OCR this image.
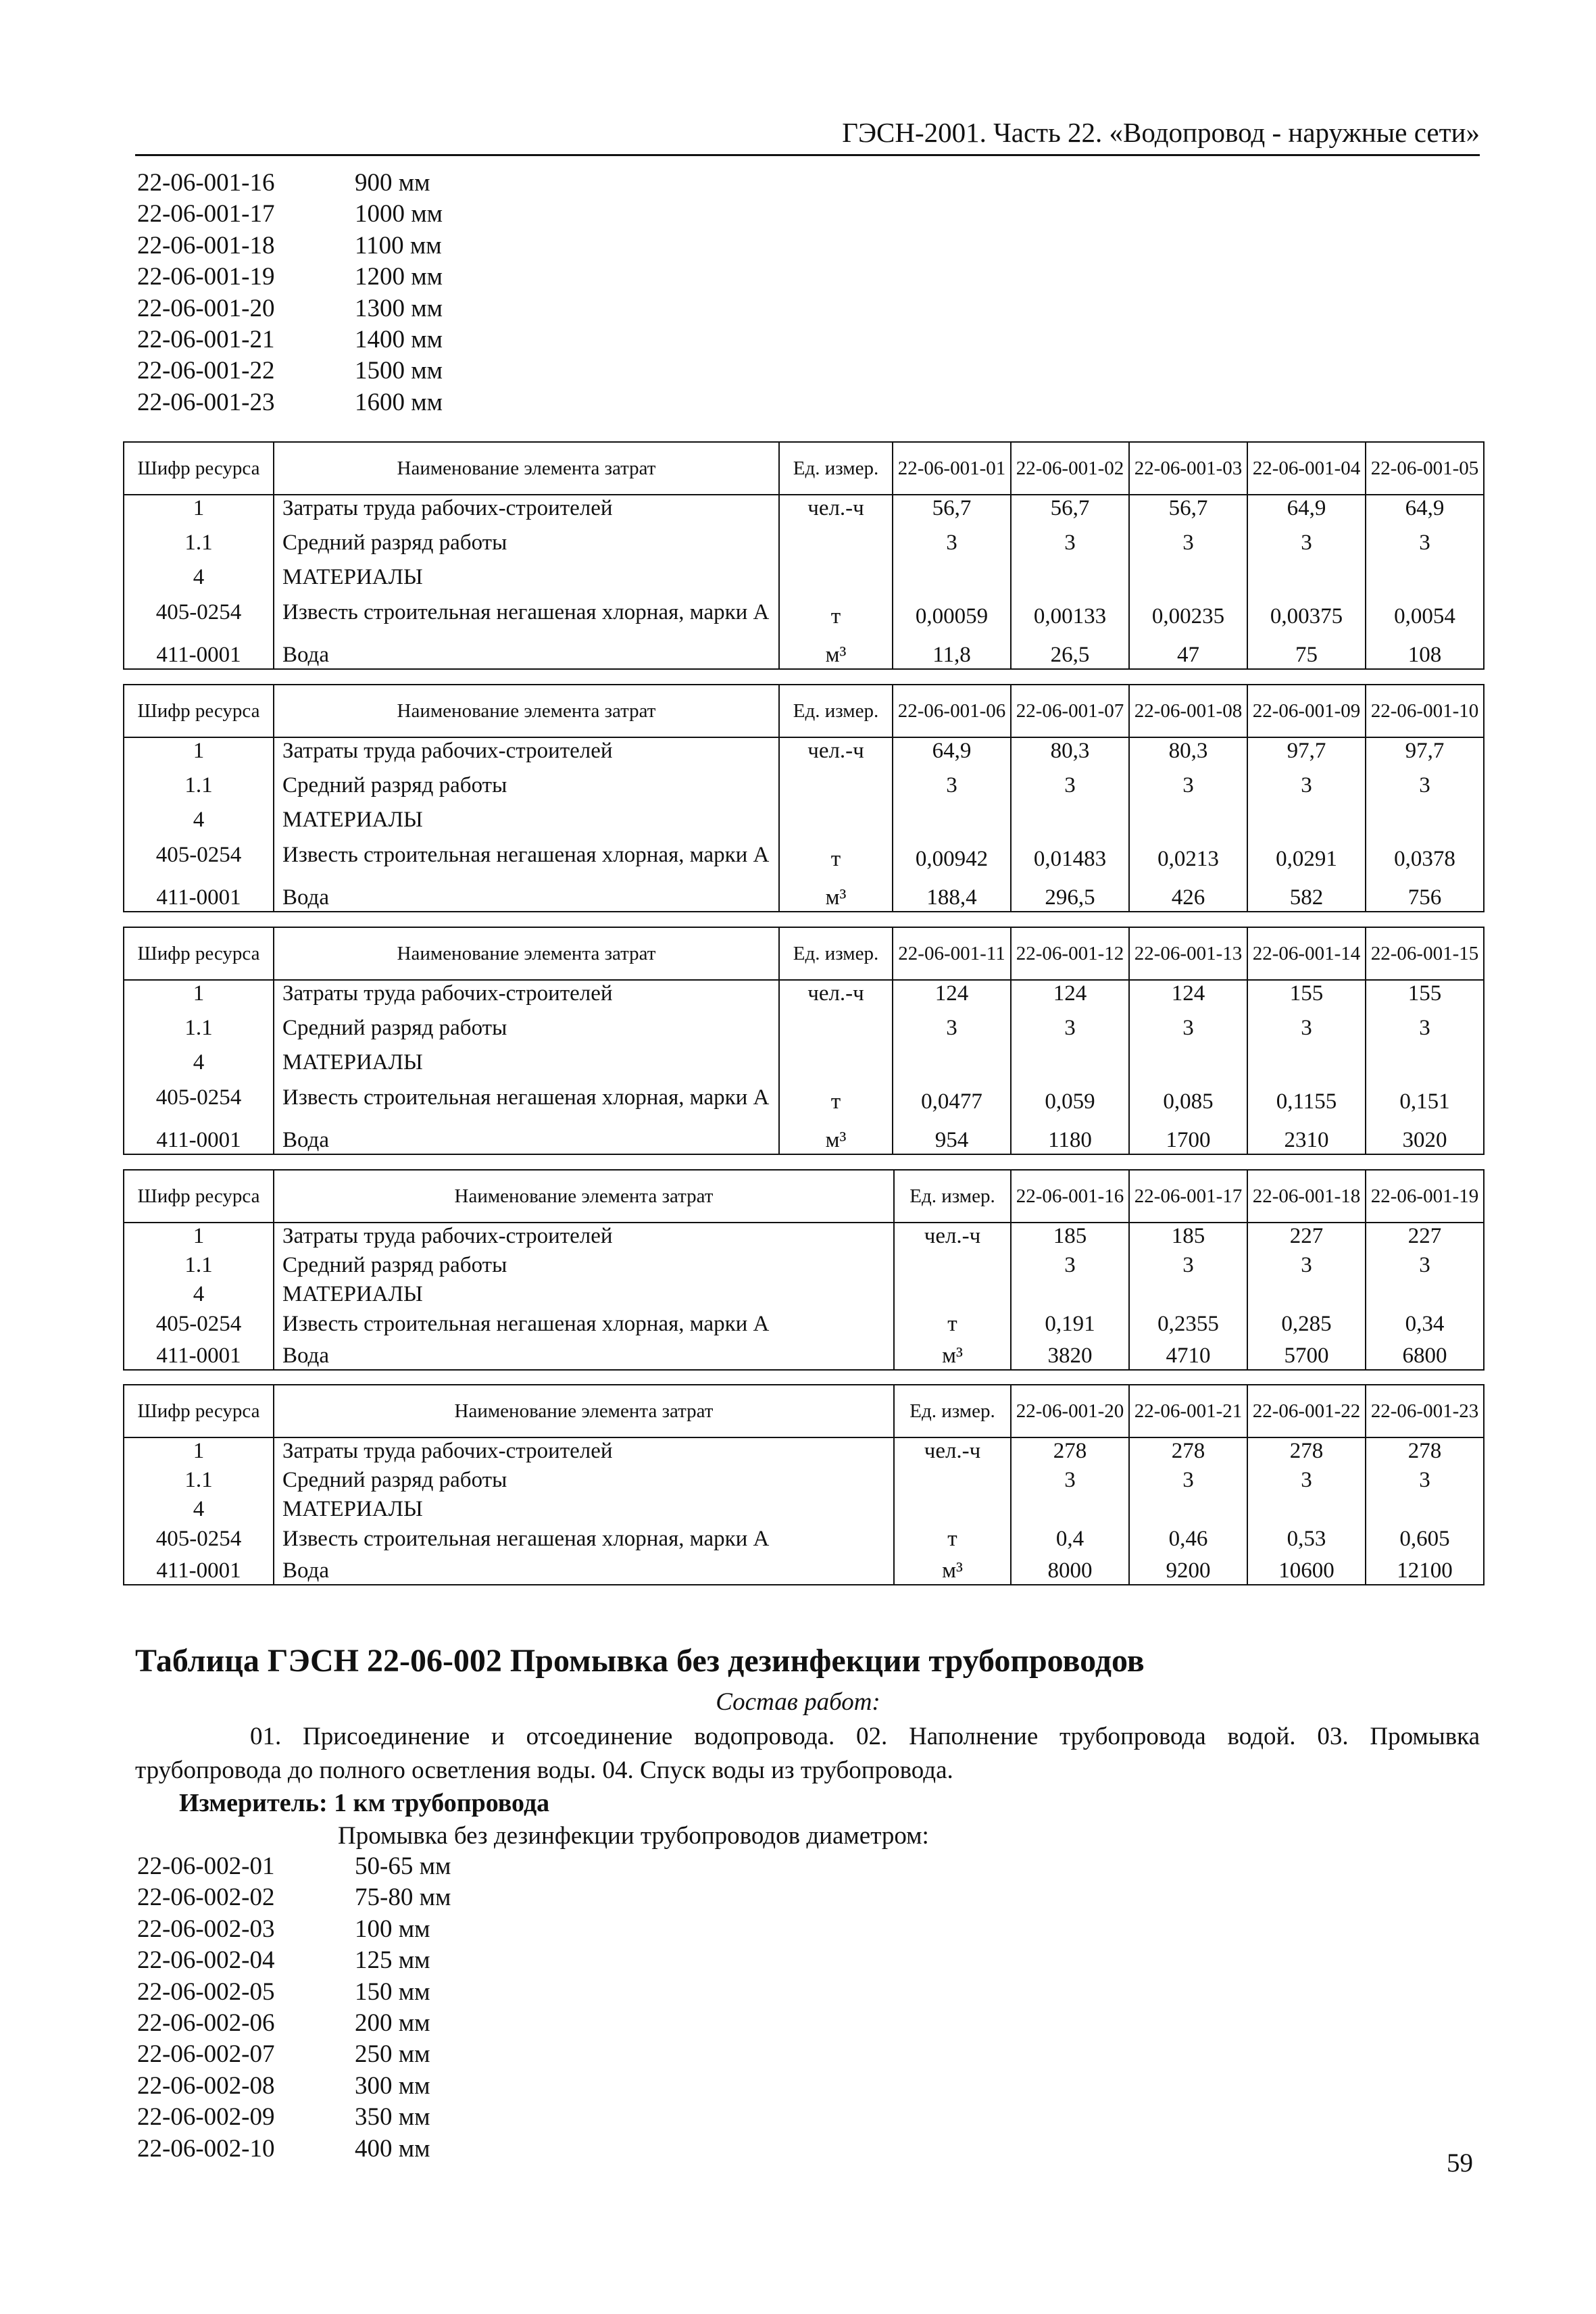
ГЭСН-2001. Часть 22. «Водопровод - наружные сети»
22-06-001-16	900 мм
22-06-001-17	1000 мм
22-06-001-18	1100 мм
22-06-001-19	1200 мм
22-06-001-20	1300 мм
22-06-001-21	1400 мм
22-06-001-22	1500 мм
22-06-001-23	1600 мм
Шифр ресурса	Наименование элемента затрат	Ед. измер.	22-06-001-01	22-06-001-02	22-06-001-03	22-06-001-04	22-06-001-05
1	Затраты труда рабочих-строителей	чел.-ч	56,7	56,7	56,7	64,9	64,9
1.1	Средний разряд работы		3	3	3	3	3
4	МАТЕРИАЛЫ						
405-0254	Известь строительная негашеная хлорная, марки А	т	0,00059	0,00133	0,00235	0,00375	0,0054
411-0001	Вода	м³	11,8	26,5	47	75	108
Шифр ресурса	Наименование элемента затрат	Ед. измер.	22-06-001-06	22-06-001-07	22-06-001-08	22-06-001-09	22-06-001-10
1	Затраты труда рабочих-строителей	чел.-ч	64,9	80,3	80,3	97,7	97,7
1.1	Средний разряд работы		3	3	3	3	3
4	МАТЕРИАЛЫ						
405-0254	Известь строительная негашеная хлорная, марки А	т	0,00942	0,01483	0,0213	0,0291	0,0378
411-0001	Вода	м³	188,4	296,5	426	582	756
Шифр ресурса	Наименование элемента затрат	Ед. измер.	22-06-001-11	22-06-001-12	22-06-001-13	22-06-001-14	22-06-001-15
1	Затраты труда рабочих-строителей	чел.-ч	124	124	124	155	155
1.1	Средний разряд работы		3	3	3	3	3
4	МАТЕРИАЛЫ						
405-0254	Известь строительная негашеная хлорная, марки А	т	0,0477	0,059	0,085	0,1155	0,151
411-0001	Вода	м³	954	1180	1700	2310	3020
Шифр ресурса	Наименование элемента затрат	Ед. измер.	22-06-001-16	22-06-001-17	22-06-001-18	22-06-001-19
1	Затраты труда рабочих-строителей	чел.-ч	185	185	227	227
1.1	Средний разряд работы		3	3	3	3
4	МАТЕРИАЛЫ					
405-0254	Известь строительная негашеная хлорная, марки А	т	0,191	0,2355	0,285	0,34
411-0001	Вода	м³	3820	4710	5700	6800
Шифр ресурса	Наименование элемента затрат	Ед. измер.	22-06-001-20	22-06-001-21	22-06-001-22	22-06-001-23
1	Затраты труда рабочих-строителей	чел.-ч	278	278	278	278
1.1	Средний разряд работы		3	3	3	3
4	МАТЕРИАЛЫ					
405-0254	Известь строительная негашеная хлорная, марки А	т	0,4	0,46	0,53	0,605
411-0001	Вода	м³	8000	9200	10600	12100
Таблица ГЭСН 22-06-002 Промывка без дезинфекции трубопроводов
Состав работ:
01. Присоединение и отсоединение водопровода. 02. Наполнение трубопровода водой. 03. Промывка трубопровода до полного осветления воды. 04. Спуск воды из трубопровода.
Измеритель: 1 км трубопровода
Промывка без дезинфекции трубопроводов диаметром:
22-06-002-01	50-65 мм
22-06-002-02	75-80 мм
22-06-002-03	100 мм
22-06-002-04	125 мм
22-06-002-05	150 мм
22-06-002-06	200 мм
22-06-002-07	250 мм
22-06-002-08	300 мм
22-06-002-09	350 мм
22-06-002-10	400 мм	59
